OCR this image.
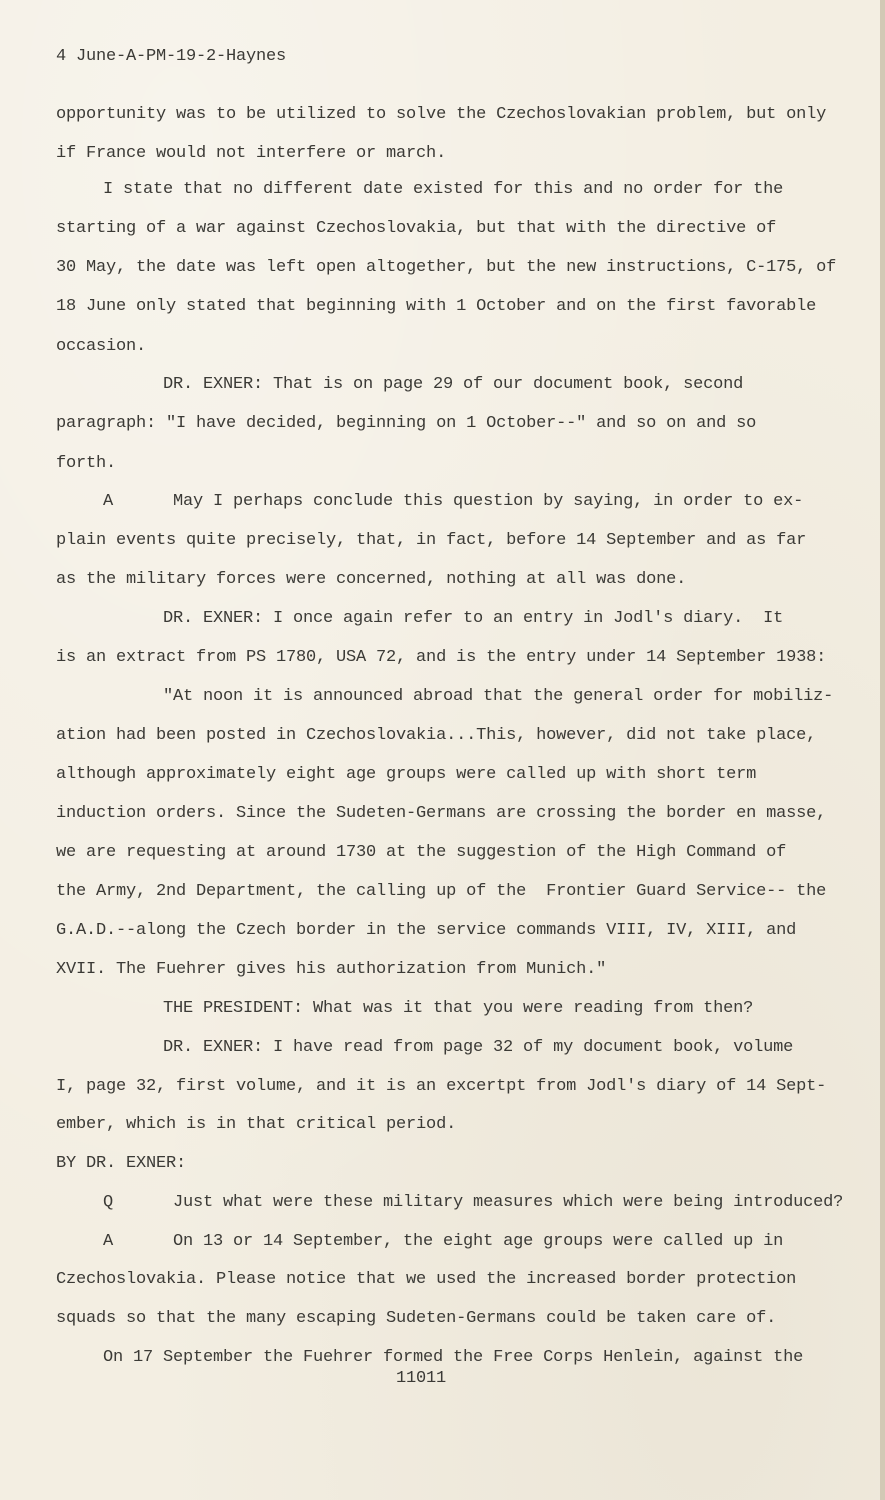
4 June-A-PM-19-2-Haynes
opportunity was to be utilized to solve the Czechoslovakian problem, but only
if France would not interfere or march.
I state that no different date existed for this and no order for the
starting of a war against Czechoslovakia, but that with the directive of
30 May, the date was left open altogether, but the new instructions, C-175, of
18 June only stated that beginning with 1 October and on the first favorable
occasion.
DR. EXNER: That is on page 29 of our document book, second
paragraph: "I have decided, beginning on 1 October--" and so on and so
forth.
A      May I perhaps conclude this question by saying, in order to ex-
plain events quite precisely, that, in fact, before 14 September and as far
as the military forces were concerned, nothing at all was done.
DR. EXNER: I once again refer to an entry in Jodl's diary.  It
is an extract from PS 1780, USA 72, and is the entry under 14 September 1938:
"At noon it is announced abroad that the general order for mobiliz-
ation had been posted in Czechoslovakia...This, however, did not take place,
although approximately eight age groups were called up with short term
induction orders. Since the Sudeten-Germans are crossing the border en masse,
we are requesting at around 1730 at the suggestion of the High Command of
the Army, 2nd Department, the calling up of the  Frontier Guard Service-- the
G.A.D.--along the Czech border in the service commands VIII, IV, XIII, and
XVII. The Fuehrer gives his authorization from Munich."
THE PRESIDENT: What was it that you were reading from then?
DR. EXNER: I have read from page 32 of my document book, volume
I, page 32, first volume, and it is an excertpt from Jodl's diary of 14 Sept-
ember, which is in that critical period.
BY DR. EXNER:
Q      Just what were these military measures which were being introduced?
A      On 13 or 14 September, the eight age groups were called up in
Czechoslovakia. Please notice that we used the increased border protection
squads so that the many escaping Sudeten-Germans could be taken care of.
On 17 September the Fuehrer formed the Free Corps Henlein, against the
11011
